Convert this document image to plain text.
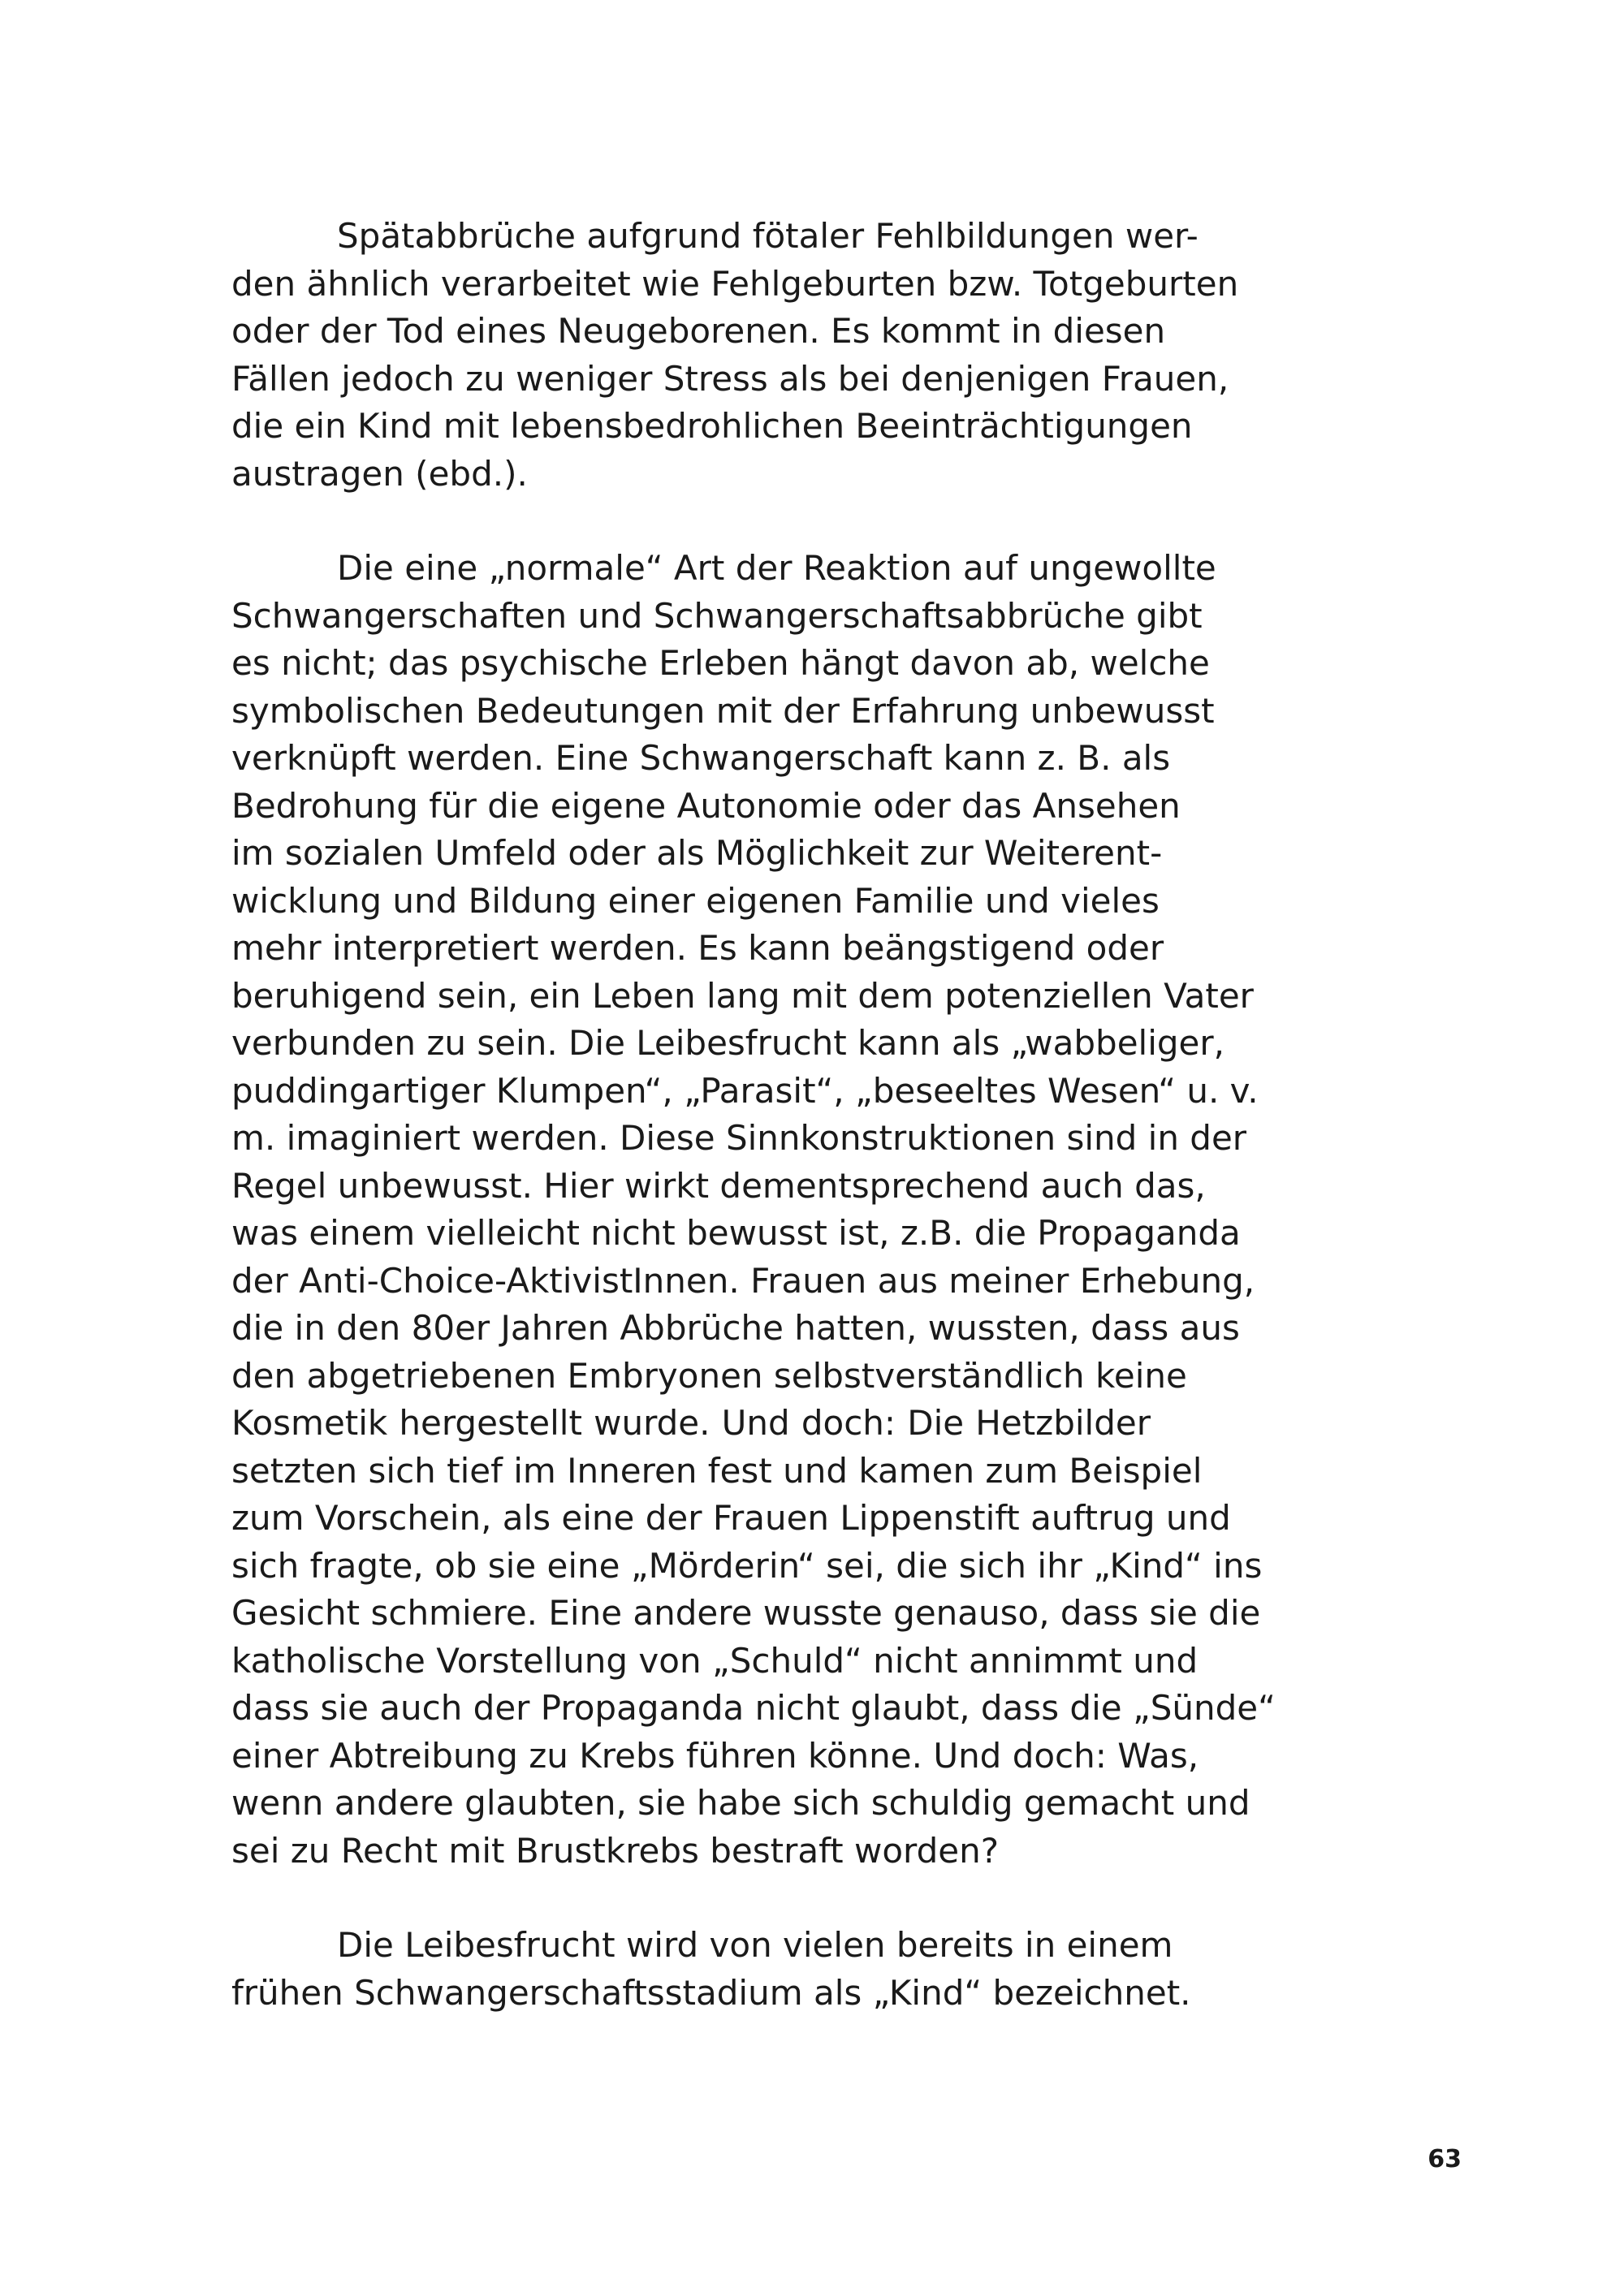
Spätabbrüche aufgrund fötaler Fehlbildungen wer-
den ähnlich verarbeitet wie Fehlgeburten bzw. Totgeburten
oder der Tod eines Neugeborenen. Es kommt in diesen
Fällen jedoch zu weniger Stress als bei denjenigen Frauen,
die ein Kind mit lebensbedrohlichen Beeinträchtigungen
austragen (ebd.).

Die eine „normale“ Art der Reaktion auf ungewollte
Schwangerschaften und Schwangerschaftsabbrüche gibt
es nicht; das psychische Erleben hängt davon ab, welche
symbolischen Bedeutungen mit der Erfahrung unbewusst
verknüpft werden. Eine Schwangerschaft kann z. B. als
Bedrohung für die eigene Autonomie oder das Ansehen
im sozialen Umfeld oder als Möglichkeit zur Weiterent-
wicklung und Bildung einer eigenen Familie und vieles
mehr interpretiert werden. Es kann beängstigend oder
beruhigend sein, ein Leben lang mit dem potenziellen Vater
verbunden zu sein. Die Leibesfrucht kann als „wabbeliger,
puddingartiger Klumpen“, „Parasit“, „beseeltes Wesen“ u. v.
m. imaginiert werden. Diese Sinnkonstruktionen sind in der
Regel unbewusst. Hier wirkt dementsprechend auch das,
was einem vielleicht nicht bewusst ist, z.B. die Propaganda
der Anti-Choice-AktivistInnen. Frauen aus meiner Erhebung,
die in den 80er Jahren Abbrüche hatten, wussten, dass aus
den abgetriebenen Embryonen selbstverständlich keine
Kosmetik hergestellt wurde. Und doch: Die Hetzbilder
setzten sich tief im Inneren fest und kamen zum Beispiel
zum Vorschein, als eine der Frauen Lippenstift auftrug und
sich fragte, ob sie eine „Mörderin“ sei, die sich ihr „Kind“ ins
Gesicht schmiere. Eine andere wusste genauso, dass sie die
katholische Vorstellung von „Schuld“ nicht annimmt und
dass sie auch der Propaganda nicht glaubt, dass die „Sünde“
einer Abtreibung zu Krebs führen könne. Und doch: Was,
wenn andere glaubten, sie habe sich schuldig gemacht und
sei zu Recht mit Brustkrebs bestraft worden?

Die Leibesfrucht wird von vielen bereits in einem
frühen Schwangerschaftsstadium als „Kind“ bezeichnet.

63
